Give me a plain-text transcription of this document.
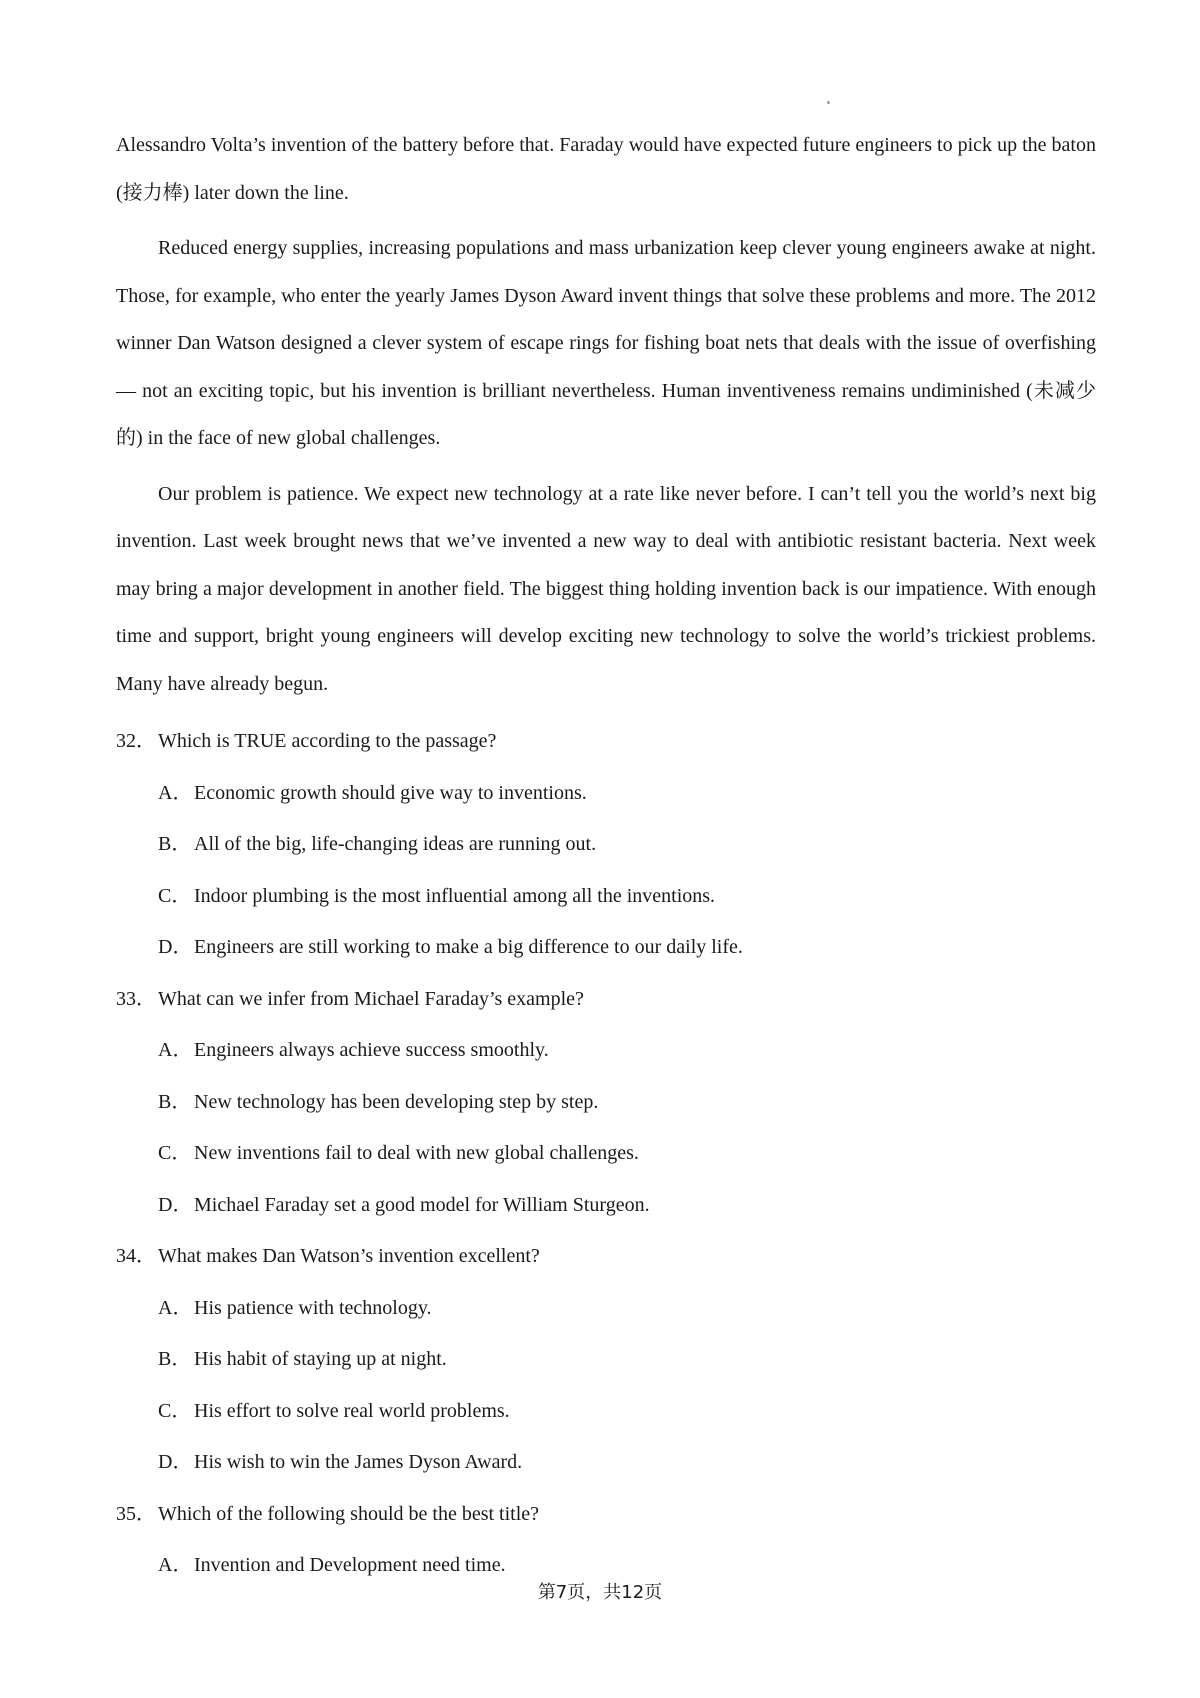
Alessandro Volta’s invention of the battery before that. Faraday would have expected future engineers to pick up the baton (接力棒) later down the line.

Reduced energy supplies, increasing populations and mass urbanization keep clever young engineers awake at night. Those, for example, who enter the yearly James Dyson Award invent things that solve these problems and more. The 2012 winner Dan Watson designed a clever system of escape rings for fishing boat nets that deals with the issue of overfishing — not an exciting topic, but his invention is brilliant nevertheless. Human inventiveness remains undiminished (未减少的) in the face of new global challenges.

Our problem is patience. We expect new technology at a rate like never before. I can’t tell you the world’s next big invention. Last week brought news that we’ve invented a new way to deal with antibiotic resistant bacteria. Next week may bring a major development in another field. The biggest thing holding invention back is our impatience. With enough time and support, bright young engineers will develop exciting new technology to solve the world’s trickiest problems. Many have already begun.

32． Which is TRUE according to the passage?

A．Economic growth should give way to inventions.

B． All of the big, life-changing ideas are running out.

C． Indoor plumbing is the most influential among all the inventions.

D．Engineers are still working to make a big difference to our daily life.

33． What can we infer from Michael Faraday’s example?

A．Engineers always achieve success smoothly.

B． New technology has been developing step by step.

C． New inventions fail to deal with new global challenges.

D．Michael Faraday set a good model for William Sturgeon.

34． What makes Dan Watson’s invention excellent?

A．His patience with technology.

B． His habit of staying up at night.

C． His effort to solve real world problems.

D．His wish to win the James Dyson Award.

35． Which of the following should be the best title?

A．Invention and Development need time.

第7页，共12页
